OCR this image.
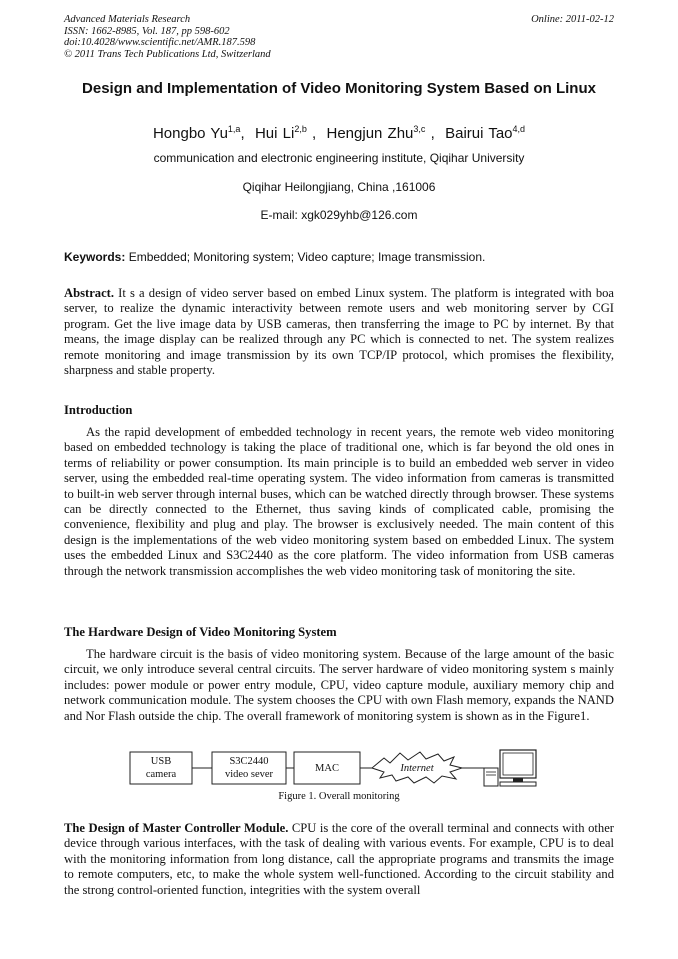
Advanced Materials Research
ISSN: 1662-8985, Vol. 187, pp 598-602
doi:10.4028/www.scientific.net/AMR.187.598
© 2011 Trans Tech Publications Ltd, Switzerland
Online: 2011-02-12
Design and Implementation of Video Monitoring System Based on Linux
Hongbo Yu$^{1,a}$,  Hui Li$^{2,b}$ ,  Hengjun Zhu$^{3,c}$ ,  Bairui Tao$^{4,d}$
communication and electronic engineering institute, Qiqihar University
Qiqihar Heilongjiang, China ,161006
E-mail: xgk029yhb@126.com
Keywords: Embedded; Monitoring system; Video capture; Image transmission.

Abstract. It s a design of video server based on embed Linux system. The platform is integrated with boa server, to realize the dynamic interactivity between remote users and web monitoring server by CGI program. Get the live image data by USB cameras, then transferring the image to PC by internet. By that means, the image display can be realized through any PC which is connected to net. The system realizes remote monitoring and image transmission by its own TCP/IP protocol, which promises the flexibility, sharpness and stable property.

Introduction

As the rapid development of embedded technology in recent years, the remote web video monitoring based on embedded technology is taking the place of traditional one, which is far beyond the old ones in terms of reliability or power consumption. Its main principle is to build an embedded web server in video server, using the embedded real-time operating system. The video information from cameras is transmitted to built-in web server through internal buses, which can be watched directly through browser. These systems can be directly connected to the Ethernet, thus saving kinds of complicated cable, promising the convenience, flexibility and plug and play. The browser is exclusively needed. The main content of this design is the implementations of the web video monitoring system based on embedded Linux. The system uses the embedded Linux and S3C2440 as the core platform. The video information from USB cameras through the network transmission accomplishes the web video monitoring task of monitoring the site.

The Hardware Design of Video Monitoring System

The hardware circuit is the basis of video monitoring system. Because of the large amount of the basic circuit, we only introduce several central circuits. The server hardware of video monitoring system s mainly includes: power module or power entry module, CPU, video capture module, auxiliary memory chip and network communication module. The system chooses the CPU with own Flash memory, expands the NAND and Nor Flash outside the chip. The overall framework of monitoring system is shown as in the Figure1.

USB
camera
S3C2440
video sever
MAC	Internet
Figure 1. Overall monitoring

The Design of Master Controller Module. CPU is the core of the overall terminal and connects with other device through various interfaces, with the task of dealing with various events. For example, CPU is to deal with the monitoring information from long distance, call the appropriate programs and transmits the image to remote computers, etc, to make the whole system well-functioned. According to the circuit stability and the strong control-oriented function, integrities with the system overall
